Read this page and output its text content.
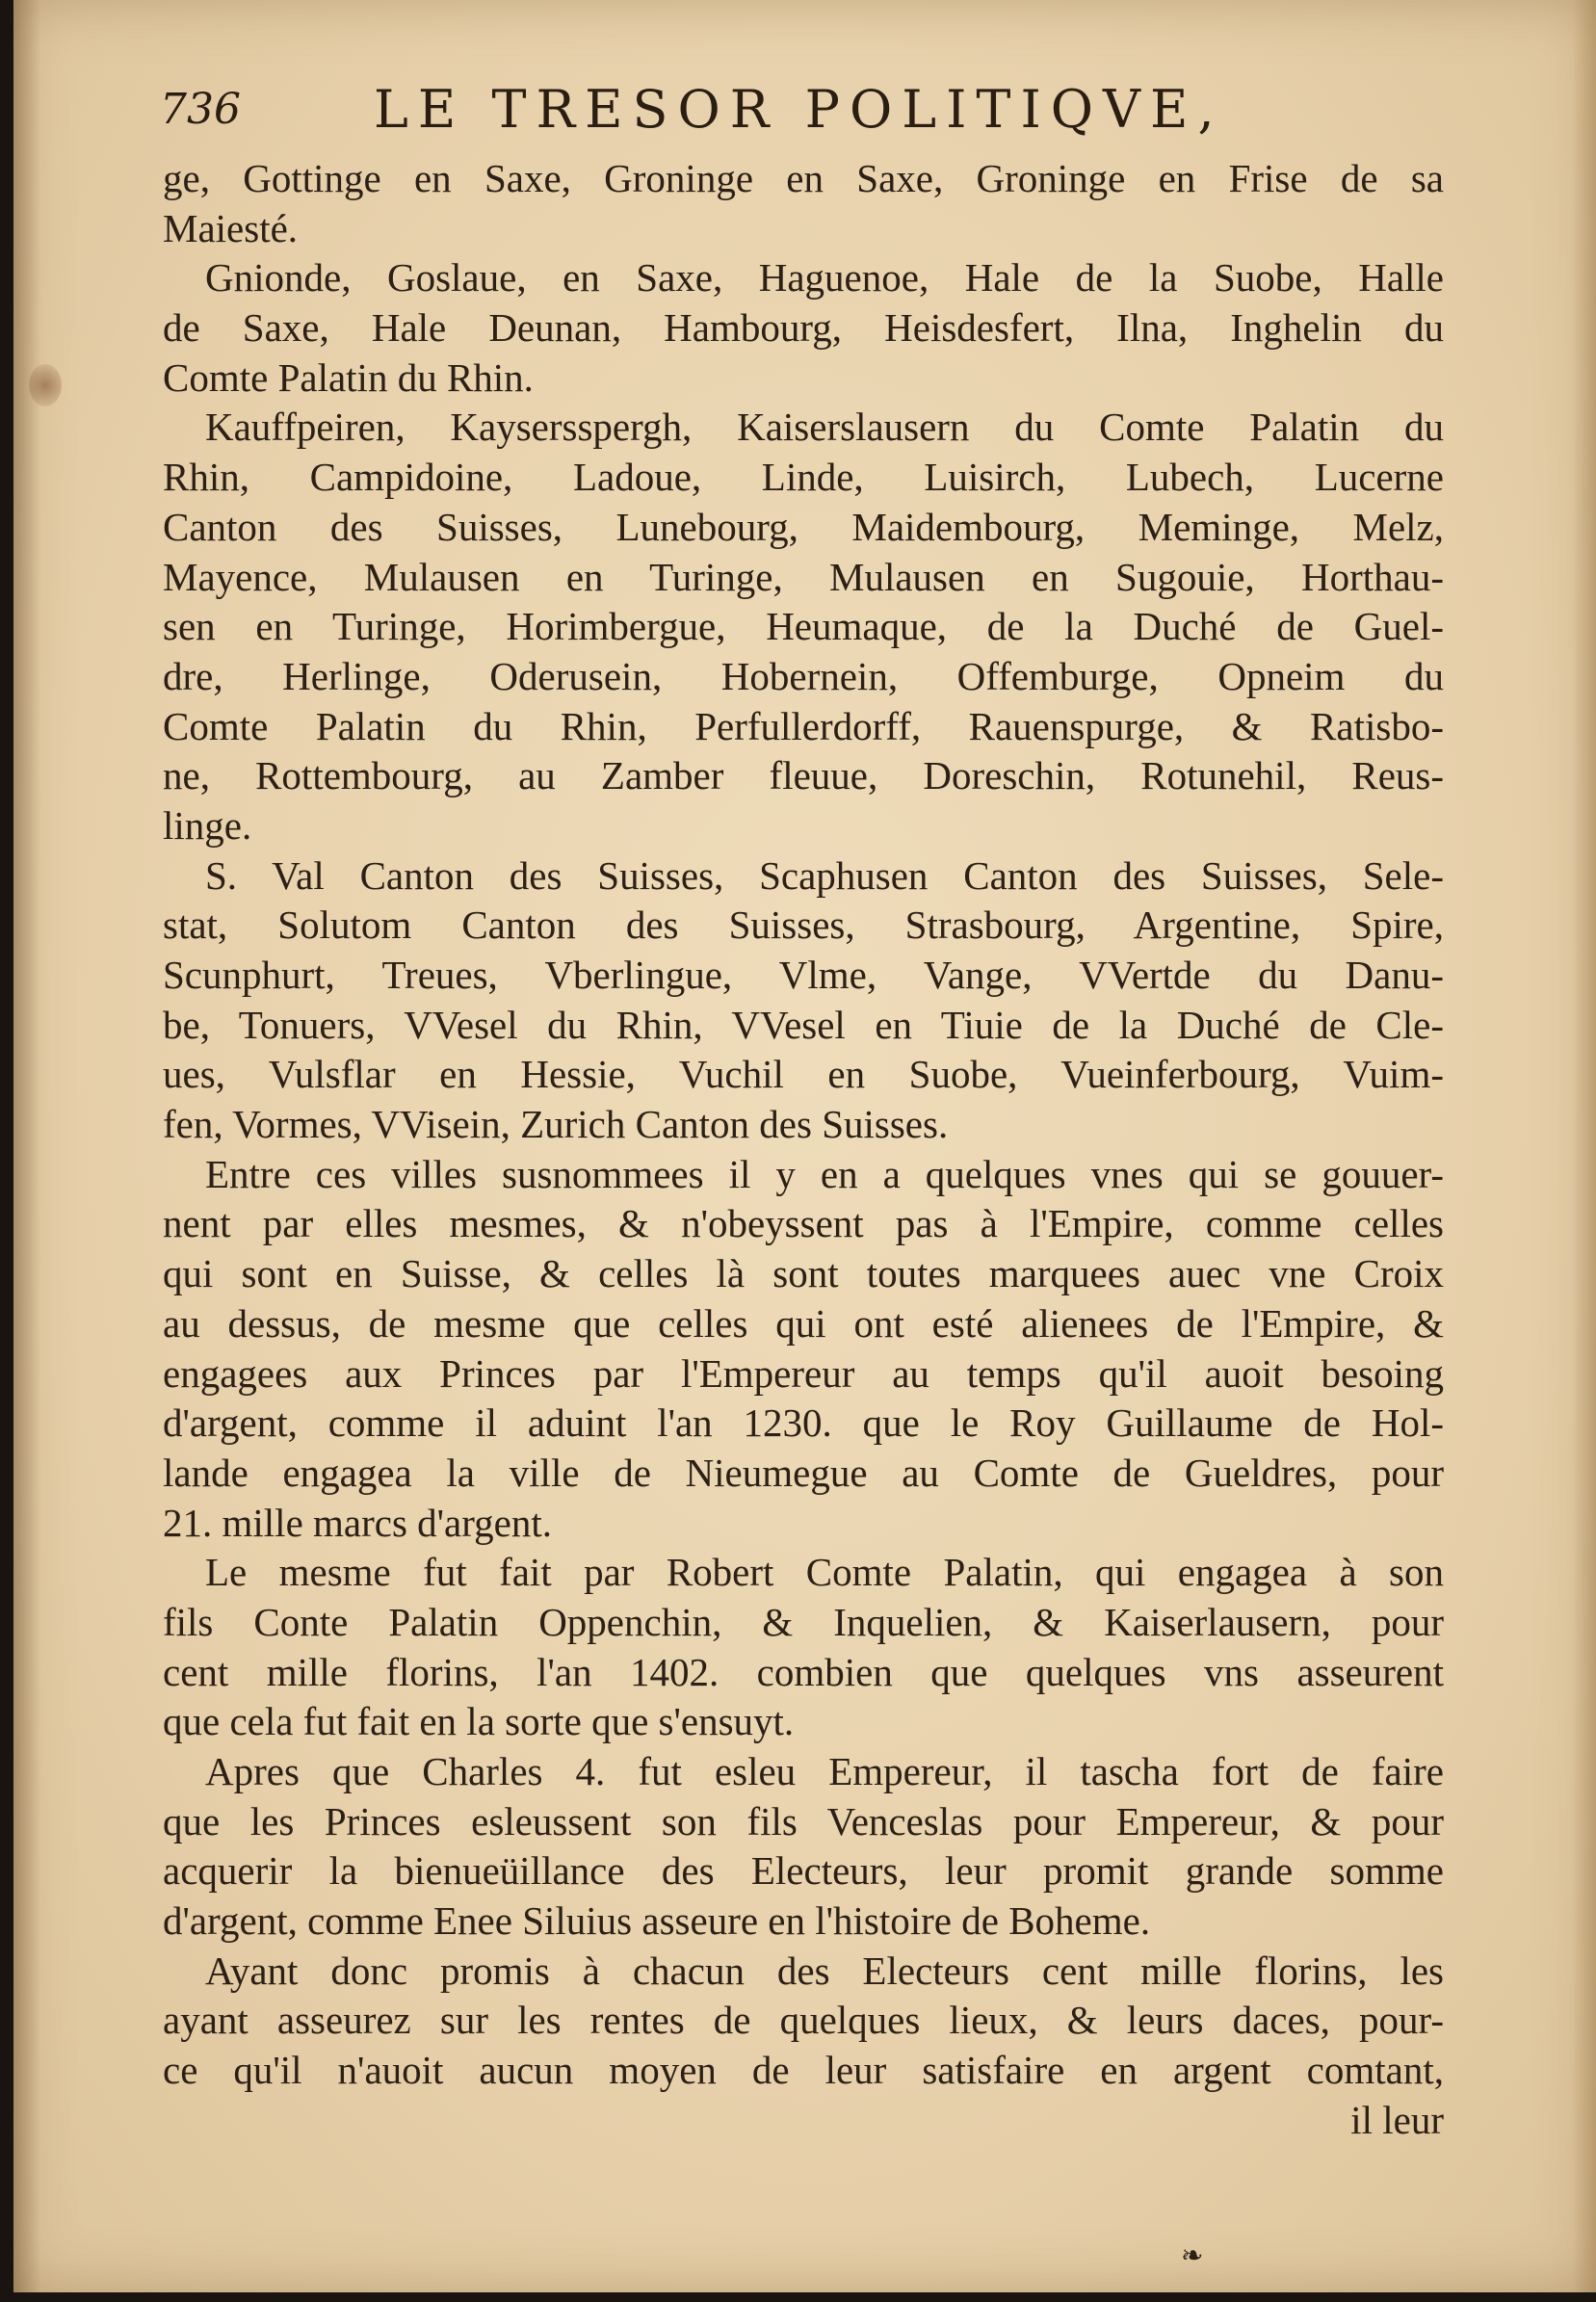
736	LE TRESOR POLITIQVE,
ge, Gottinge en Saxe, Groninge en Saxe, Groninge en Frise de sa
Maiesté.
Gnionde, Goslaue, en Saxe, Haguenoe, Hale de la Suobe, Halle
de Saxe, Hale Deunan, Hambourg, Heisdesfert, Ilna, Inghelin du
Comte Palatin du Rhin.
Kauffpeiren, Kaysersspergh, Kaiserslausern du Comte Palatin du
Rhin, Campidoine, Ladoue, Linde, Luisirch, Lubech, Lucerne
Canton des Suisses, Lunebourg, Maidembourg, Meminge, Melz,
Mayence, Mulausen en Turinge, Mulausen en Sugouie, Horthau-
sen en Turinge, Horimbergue, Heumaque, de la Duché de Guel-
dre, Herlinge, Oderusein, Hobernein, Offemburge, Opneim du
Comte Palatin du Rhin, Perfullerdorff, Rauenspurge, & Ratisbo-
ne, Rottembourg, au Zamber fleuue, Doreschin, Rotunehil, Reus-
linge.
S. Val Canton des Suisses, Scaphusen Canton des Suisses, Sele-
stat, Solutom Canton des Suisses, Strasbourg, Argentine, Spire,
Scunphurt, Treues, Vberlingue, Vlme, Vange, VVertde du Danu-
be, Tonuers, VVesel du Rhin, VVesel en Tiuie de la Duché de Cle-
ues, Vulsflar en Hessie, Vuchil en Suobe, Vueinferbourg, Vuim-
fen, Vormes, VVisein, Zurich Canton des Suisses.
Entre ces villes susnommees il y en a quelques vnes qui se gouuer-
nent par elles mesmes, & n'obeyssent pas à l'Empire, comme celles
qui sont en Suisse, & celles là sont toutes marquees auec vne Croix
au dessus, de mesme que celles qui ont esté alienees de l'Empire, &
engagees aux Princes par l'Empereur au temps qu'il auoit besoing
d'argent, comme il aduint l'an 1230. que le Roy Guillaume de Hol-
lande engagea la ville de Nieumegue au Comte de Gueldres, pour
21. mille marcs d'argent.
Le mesme fut fait par Robert Comte Palatin, qui engagea à son
fils Conte Palatin Oppenchin, & Inquelien, & Kaiserlausern, pour
cent mille florins, l'an 1402. combien que quelques vns asseurent
que cela fut fait en la sorte que s'ensuyt.
Apres que Charles 4. fut esleu Empereur, il tascha fort de faire
que les Princes esleussent son fils Venceslas pour Empereur, & pour
acquerir la bienueüillance des Electeurs, leur promit grande somme
d'argent, comme Enee Siluius asseure en l'histoire de Boheme.
Ayant donc promis à chacun des Electeurs cent mille florins, les
ayant asseurez sur les rentes de quelques lieux, & leurs daces, pour-
ce qu'il n'auoit aucun moyen de leur satisfaire en argent comtant,
il leur
❧
